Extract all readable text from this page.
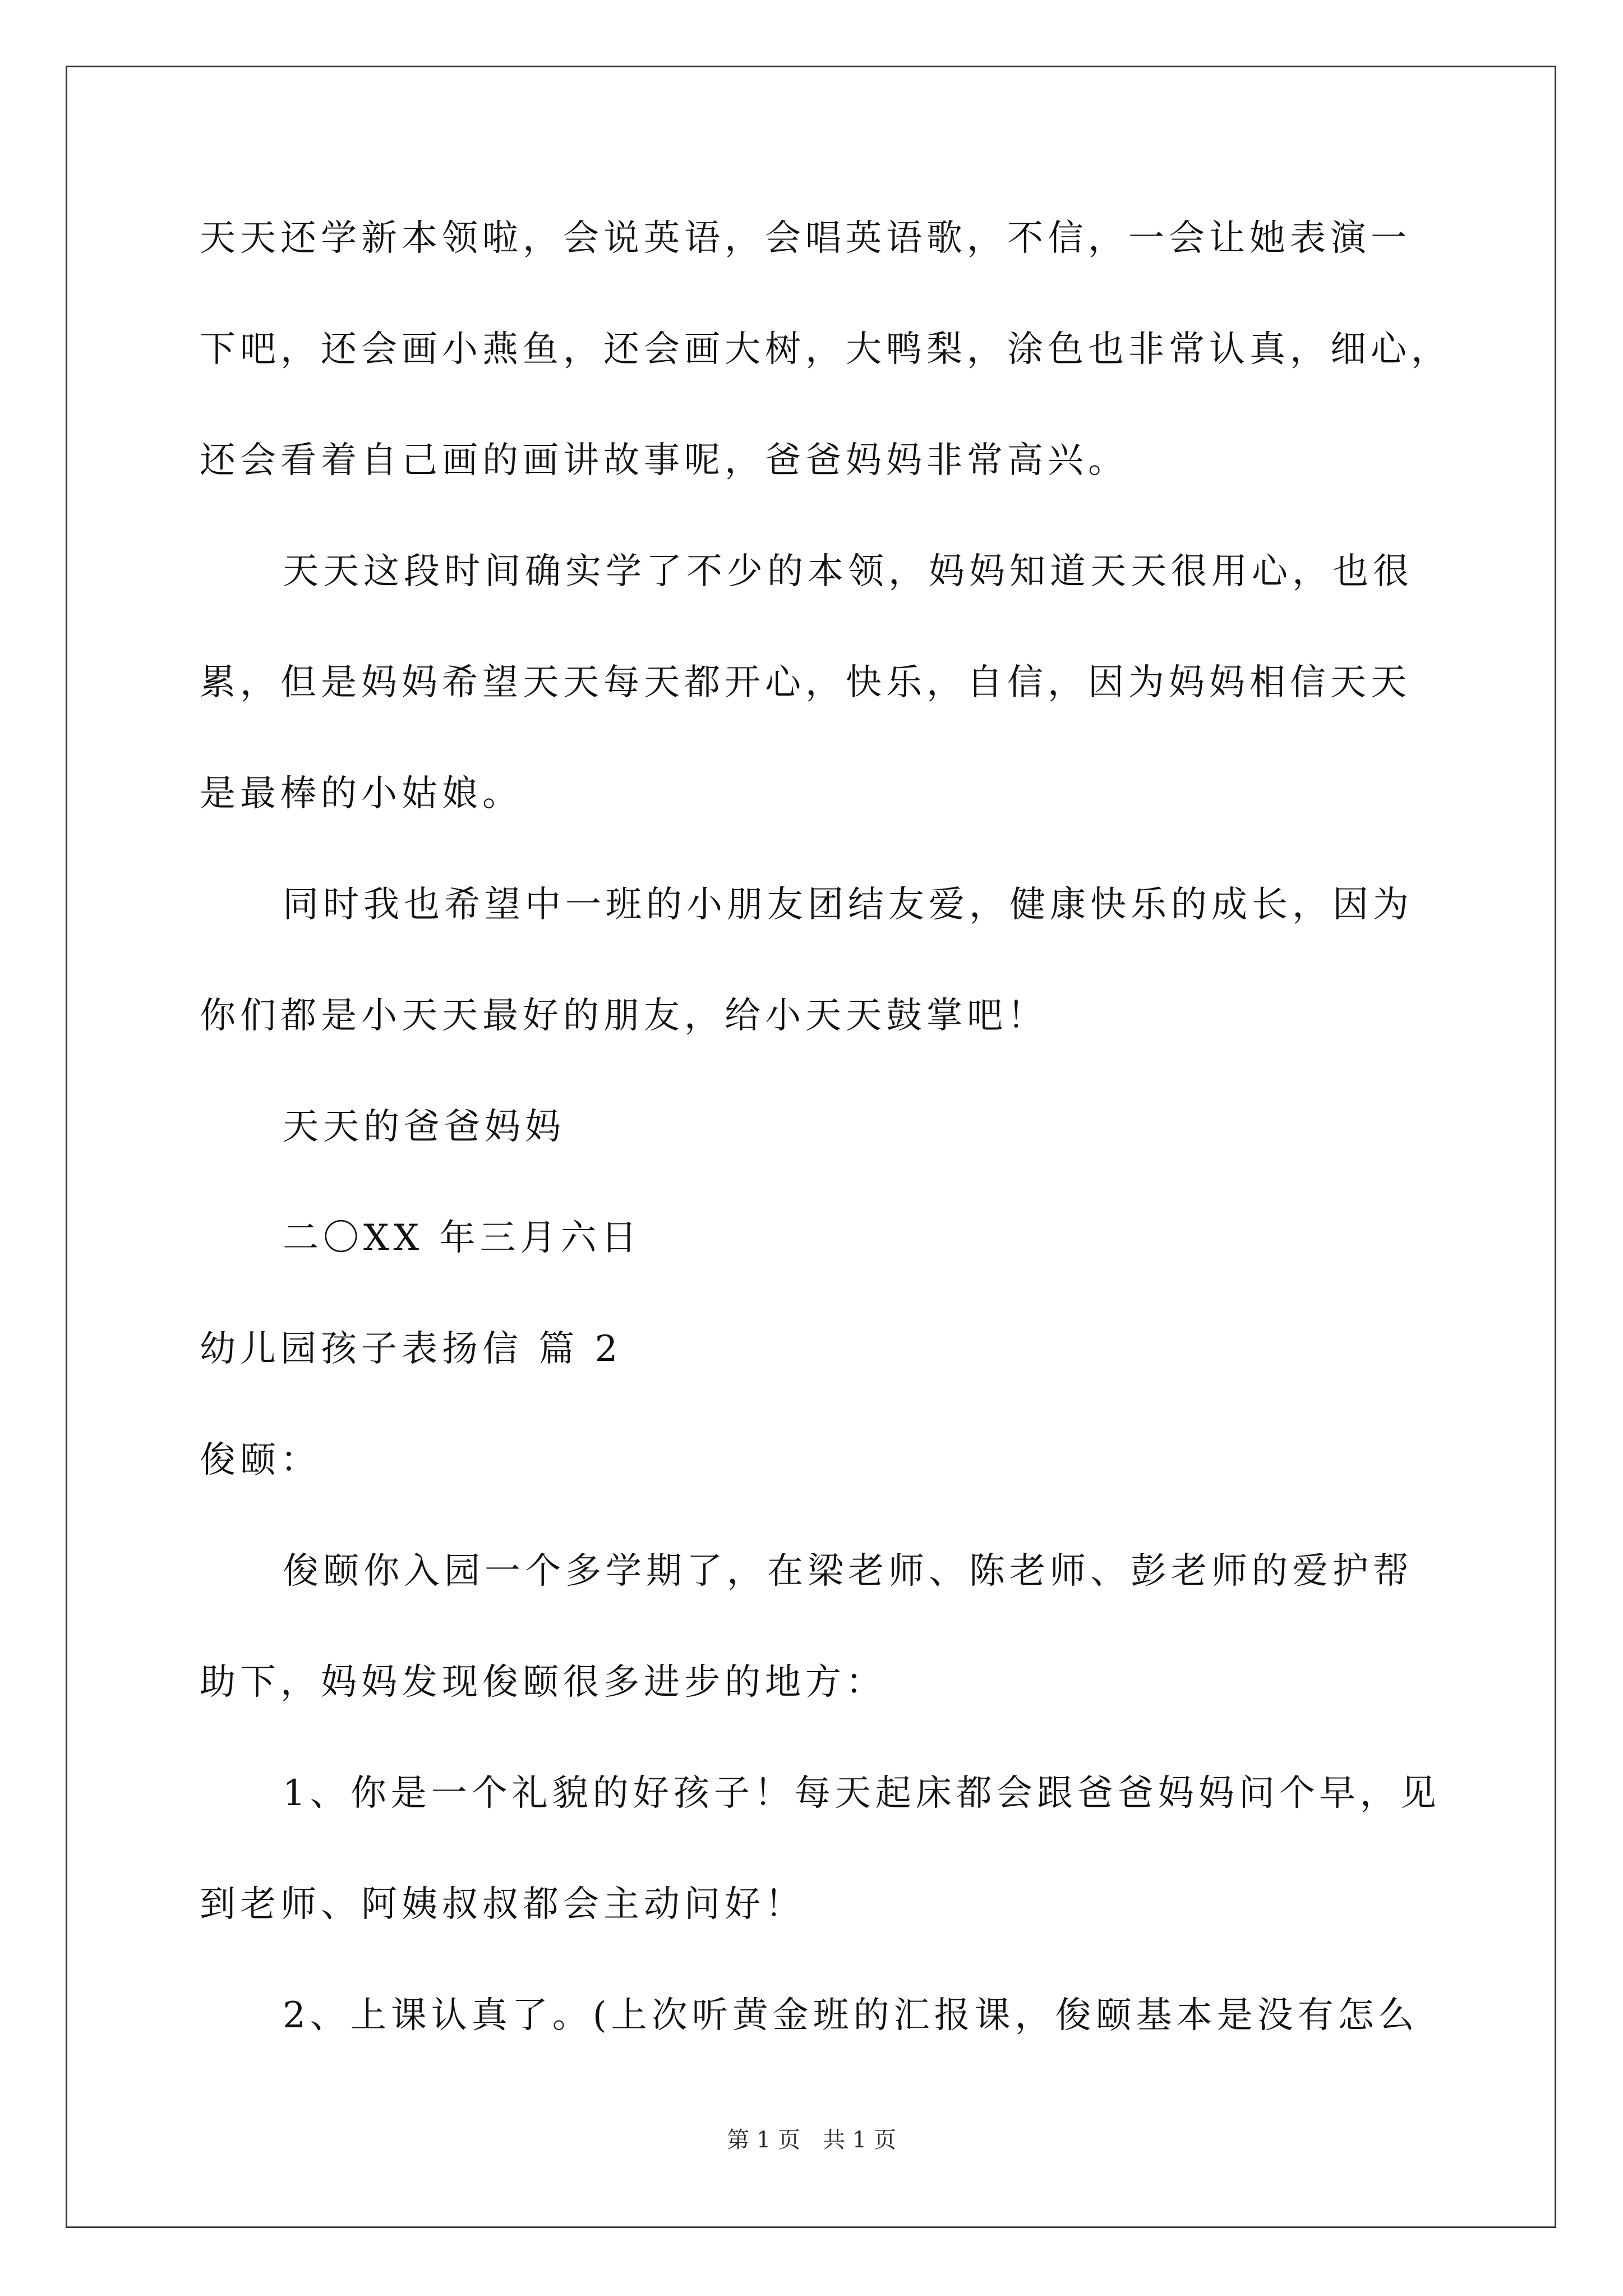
天天还学新本领啦，会说英语，会唱英语歌，不信，一会让她表演一
下吧，还会画小燕鱼，还会画大树，大鸭梨，涂色也非常认真，细心，
还会看着自己画的画讲故事呢，爸爸妈妈非常高兴。
天天这段时间确实学了不少的本领，妈妈知道天天很用心，也很
累，但是妈妈希望天天每天都开心，快乐，自信，因为妈妈相信天天
是最棒的小姑娘。
同时我也希望中一班的小朋友团结友爱，健康快乐的成长，因为
你们都是小天天最好的朋友，给小天天鼓掌吧！
天天的爸爸妈妈
二〇XX 年三月六日
幼儿园孩子表扬信 篇 2
俊颐：
俊颐你入园一个多学期了，在梁老师、陈老师、彭老师的爱护帮
助下，妈妈发现俊颐很多进步的地方：
1、你是一个礼貌的好孩子！每天起床都会跟爸爸妈妈问个早，见
到老师、阿姨叔叔都会主动问好！
2、上课认真了。(上次听黄金班的汇报课，俊颐基本是没有怎么
第 1 页　共 1 页
